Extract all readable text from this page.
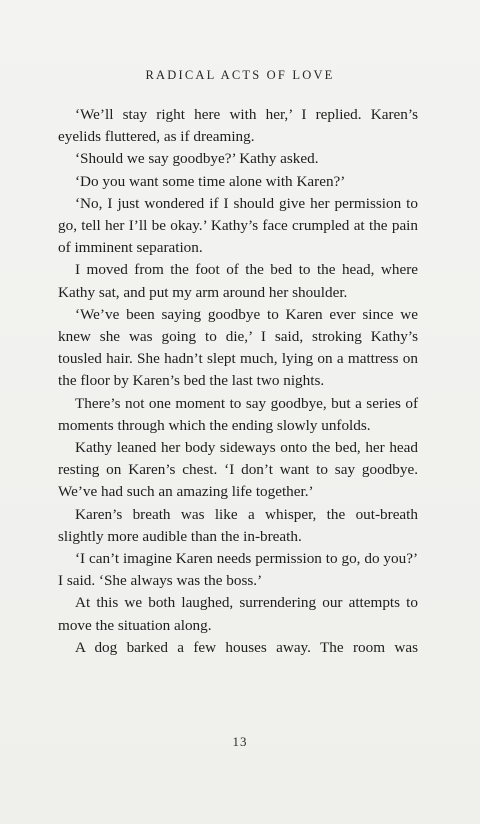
RADICAL ACTS OF LOVE

‘We’ll stay right here with her,’ I replied. Karen’s eyelids fluttered, as if dreaming.

‘Should we say goodbye?’ Kathy asked.

‘Do you want some time alone with Karen?’

‘No, I just wondered if I should give her permission to go, tell her I’ll be okay.’ Kathy’s face crumpled at the pain of imminent separation.

I moved from the foot of the bed to the head, where Kathy sat, and put my arm around her shoulder.

‘We’ve been saying goodbye to Karen ever since we knew she was going to die,’ I said, stroking Kathy’s tousled hair. She hadn’t slept much, lying on a mattress on the floor by Karen’s bed the last two nights.

There’s not one moment to say goodbye, but a series of moments through which the ending slowly unfolds.

Kathy leaned her body sideways onto the bed, her head resting on Karen’s chest. ‘I don’t want to say goodbye. We’ve had such an amazing life together.’

Karen’s breath was like a whisper, the out-breath slightly more audible than the in-breath.

‘I can’t imagine Karen needs permission to go, do you?’ I said. ‘She always was the boss.’

At this we both laughed, surrendering our attempts to move the situation along.

A dog barked a few houses away. The room was

13
